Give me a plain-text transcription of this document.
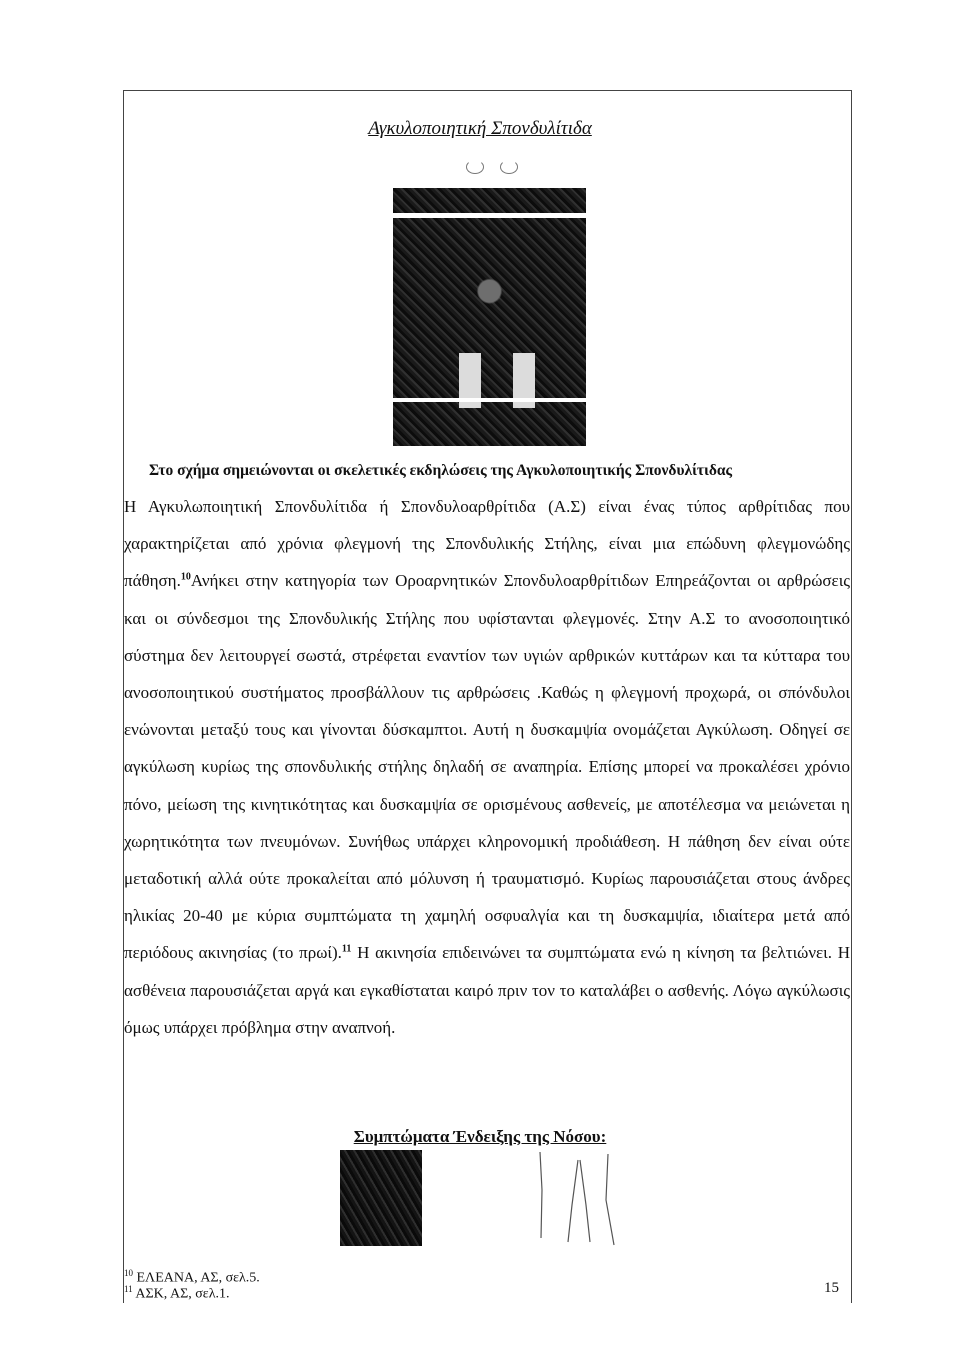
Αγκυλοποιητική Σπονδυλίτιδα
Στο σχήμα σημειώνονται οι σκελετικές εκδηλώσεις της Αγκυλοποιητικής Σπονδυλίτιδας

Η Αγκυλωποιητική Σπονδυλίτιδα ή Σπονδυλοαρθρίτιδα (Α.Σ) είναι ένας τύπος αρθρίτιδας που χαρακτηρίζεται από χρόνια φλεγμονή της Σπονδυλικής Στήλης, είναι μια επώδυνη φλεγμονώδης πάθηση.$^{10}$Ανήκει στην κατηγορία των Οροαρνητικών Σπονδυλοαρθρίτιδων Επηρεάζονται οι αρθρώσεις και οι σύνδεσμοι της Σπονδυλικής Στήλης που υφίστανται φλεγμονές. Στην Α.Σ το ανοσοποιητικό σύστημα δεν λειτουργεί σωστά, στρέφεται εναντίον των υγιών αρθρικών κυττάρων και τα κύτταρα του ανοσοποιητικού συστήματος προσβάλλουν τις αρθρώσεις .Καθώς η φλεγμονή προχωρά, οι σπόνδυλοι ενώνονται μεταξύ τους και γίνονται δύσκαμπτοι. Αυτή η δυσκαμψία ονομάζεται Αγκύλωση. Οδηγεί σε αγκύλωση κυρίως της σπονδυλικής στήλης δηλαδή σε αναπηρία. Επίσης μπορεί να προκαλέσει χρόνιο πόνο, μείωση της κινητικότητας και δυσκαμψία σε ορισμένους ασθενείς, με αποτέλεσμα να μειώνεται η χωρητικότητα των πνευμόνων. Συνήθως υπάρχει κληρονομική προδιάθεση. Η πάθηση δεν είναι ούτε μεταδοτική αλλά ούτε προκαλείται από μόλυνση ή τραυματισμό. Κυρίως παρουσιάζεται στους άνδρες ηλικίας 20-40 με κύρια συμπτώματα τη χαμηλή οσφυαλγία και τη δυσκαμψία, ιδιαίτερα μετά από περιόδους ακινησίας (το πρωί).$^{11}$ Η ακινησία επιδεινώνει τα συμπτώματα ενώ η κίνηση τα βελτιώνει. Η ασθένεια παρουσιάζεται αργά και εγκαθίσταται καιρό πριν τον το καταλάβει ο ασθενής. Λόγω αγκύλωσις όμως υπάρχει πρόβλημα στην αναπνοή.

Συμπτώματα Ένδειξης της Νόσου:
$^{10}$ ΕΛΕΑΝΑ, ΑΣ, σελ.5.
$^{11}$ ΑΣΚ, ΑΣ, σελ.1.	15
